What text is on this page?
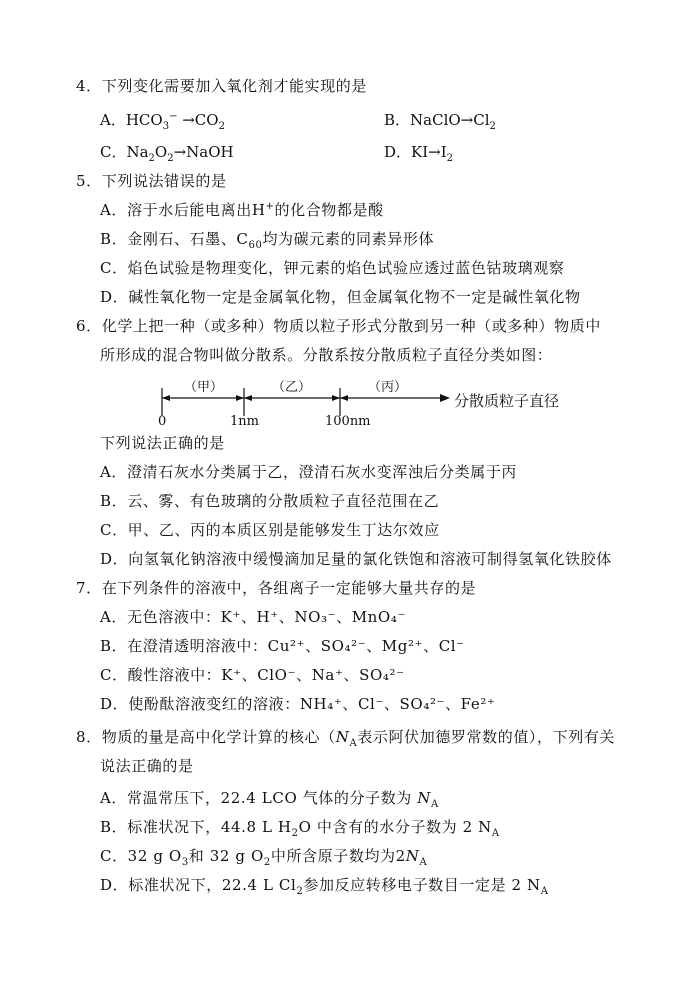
4．下列变化需要加入氧化剂才能实现的是
A．$HCO_3^- \to CO_2$	B．$NaClO\to Cl_2$
C．$Na_2O_2\to NaOH$	D．$KI\to I_2$
5．下列说法错误的是
A．溶于水后能电离出H+的化合物都是酸
B．金刚石、石墨、$C_{60}$均为碳元素的同素异形体
C．焰色试验是物理变化，钾元素的焰色试验应透过蓝色钴玻璃观察
D．碱性氧化物一定是金属氧化物，但金属氧化物不一定是碱性氧化物
6．化学上把一种（或多种）物质以粒子形式分散到另一种（或多种）物质中
所形成的混合物叫做分散系。分散系按分散质粒子直径分类如图：
（甲）	（乙）	（丙）
0	1nm	100nm
分散质粒子直径
下列说法正确的是
A．澄清石灰水分类属于乙，澄清石灰水变浑浊后分类属于丙
B．云、雾、有色玻璃的分散质粒子直径范围在乙
C．甲、乙、丙的本质区别是能够发生丁达尔效应
D．向氢氧化钠溶液中缓慢滴加足量的氯化铁饱和溶液可制得氢氧化铁胶体
7．在下列条件的溶液中，各组离子一定能够大量共存的是
A．无色溶液中：K⁺、H⁺、NO₃⁻、MnO₄⁻
B．在澄清透明溶液中：Cu²⁺、SO₄²⁻、Mg²⁺、Cl⁻
C．酸性溶液中：K⁺、ClO⁻、Na⁺、SO₄²⁻
D．使酚酞溶液变红的溶液：NH₄⁺、Cl⁻、SO₄²⁻、Fe²⁺
8．物质的量是高中化学计算的核心（$N_A$表示阿伏加德罗常数的值），下列有关
说法正确的是
A．常温常压下，22.4 LCO 气体的分子数为 $N_A$
B．标准状况下，44.8 L $H_2O$ 中含有的水分子数为 2 $N_A$
C．32 g $O_3$和 32 g $O_2$中所含原子数均为$2N_A$
D．标准状况下，22.4 L $Cl_2$参加反应转移电子数目一定是 2 $N_A$
